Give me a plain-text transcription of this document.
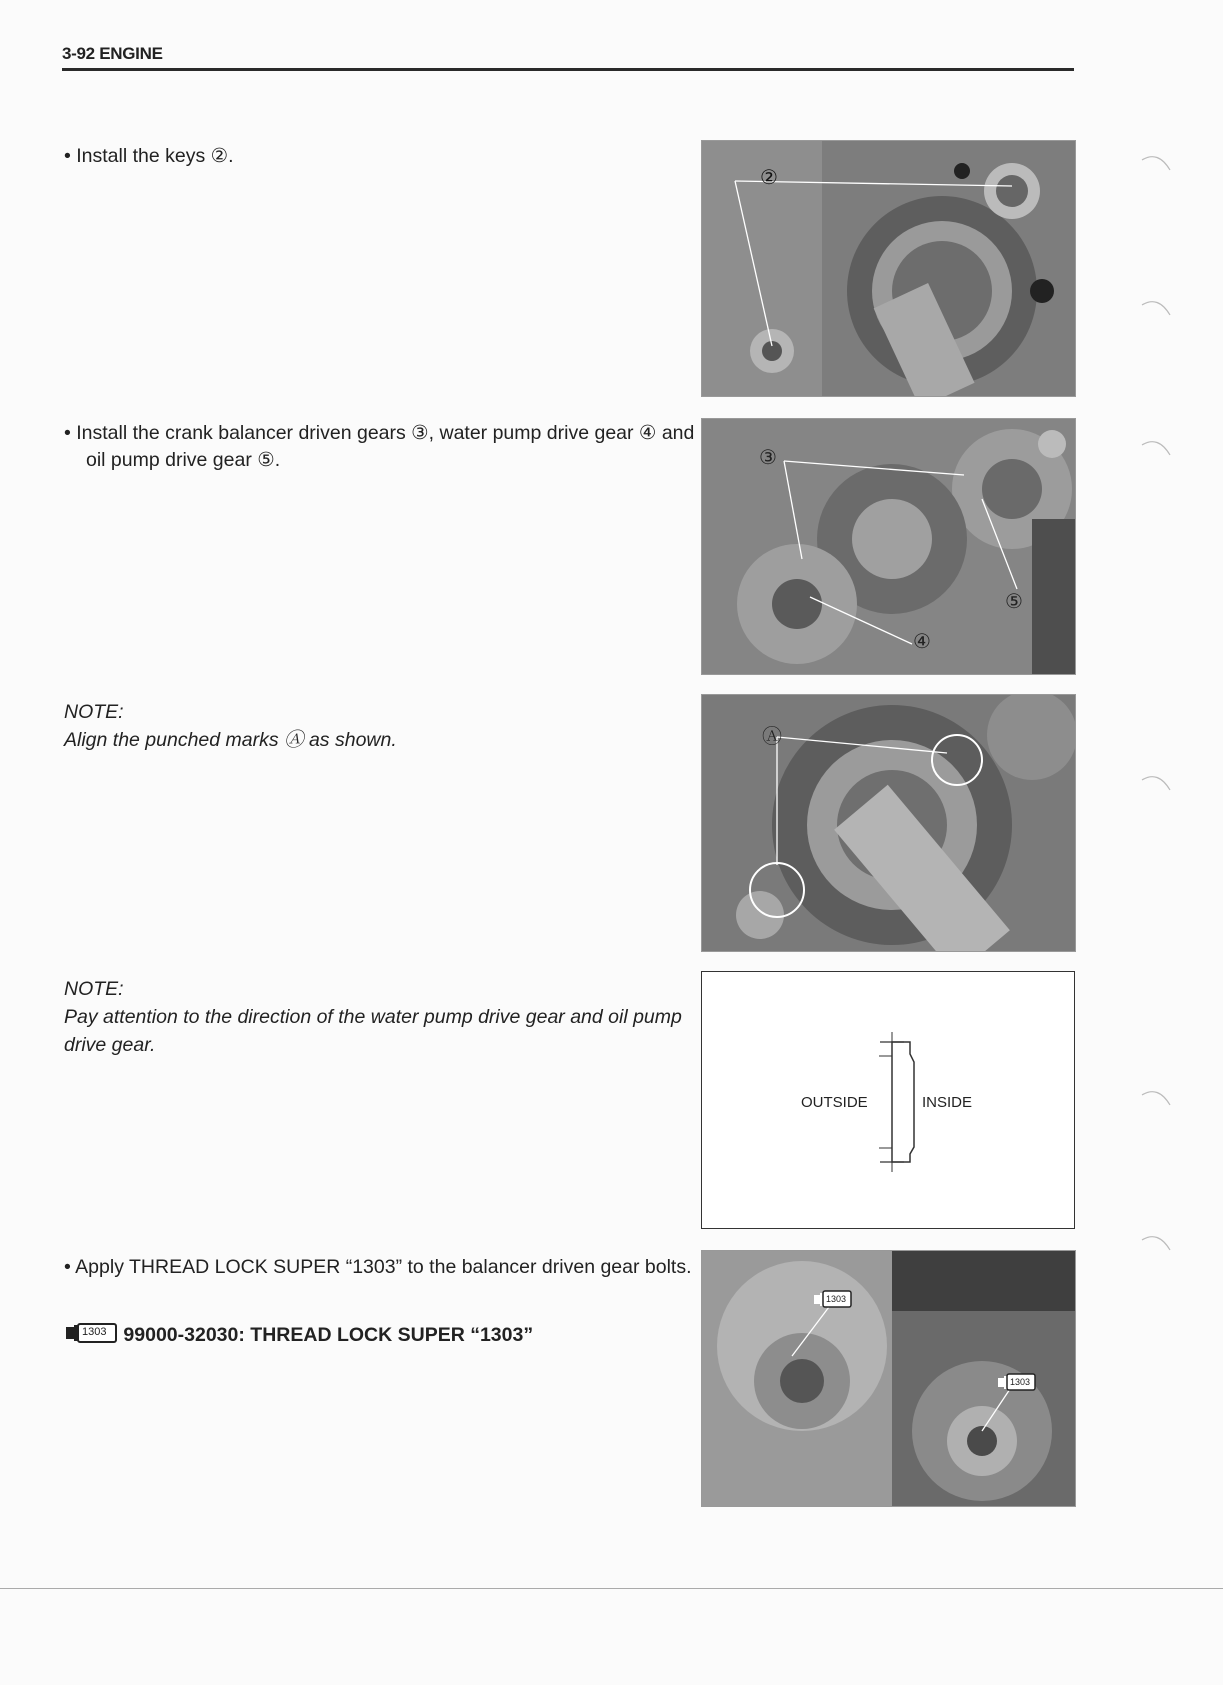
3-92 ENGINE
• Install the keys ②.
②
• Install the crank balancer driven gears ③, water pump drive gear ④ and oil pump drive gear ⑤.	③
④
⑤
NOTE:
Align the punched marks Ⓐ as shown.	Ⓐ
NOTE:
Pay attention to the direction of the water pump drive gear and oil pump drive gear.
OUTSIDE	INSIDE
• Apply THREAD LOCK SUPER “1303” to the balancer driven gear bolts.
1303 99000-32030: THREAD LOCK SUPER “1303”
1303
1303
